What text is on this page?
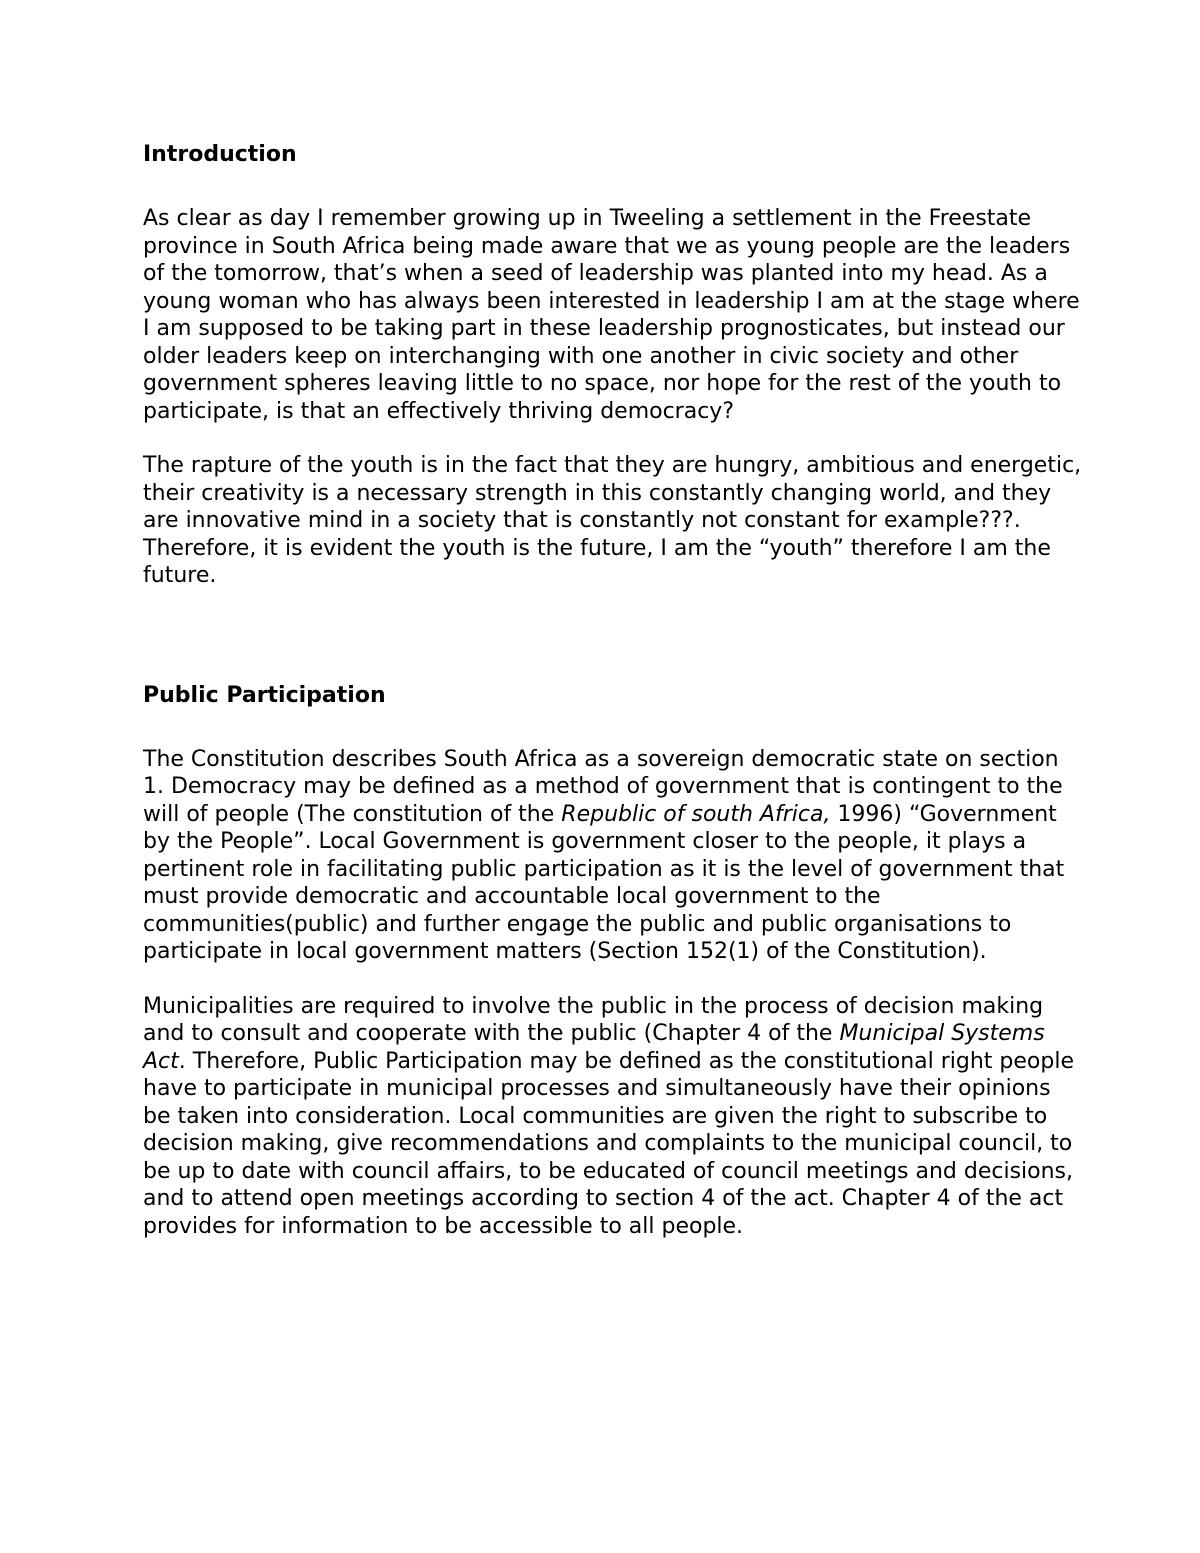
Introduction

As clear as day I remember growing up in Tweeling a settlement in the Freestate province in South Africa being made aware that we as young people are the leaders of the tomorrow, that’s when a seed of leadership was planted into my head. As a young woman who has always been interested in leadership I am at the stage where I am supposed to be taking part in these leadership prognosticates, but instead our older leaders keep on interchanging with one another in civic society and other government spheres leaving little to no space, nor hope for the rest of the youth to participate, is that an effectively thriving democracy?

The rapture of the youth is in the fact that they are hungry, ambitious and energetic, their creativity is a necessary strength in this constantly changing world, and they are innovative mind in a society that is constantly not constant for example???. Therefore, it is evident the youth is the future, I am the “youth” therefore I am the future.

Public Participation

The Constitution describes South Africa as a sovereign democratic state on section 1. Democracy may be defined as a method of government that is contingent to the will of people (The constitution of the Republic of south Africa, 1996) “Government by the People”. Local Government is government closer to the people, it plays a pertinent role in facilitating public participation as it is the level of government that must provide democratic and accountable local government to the communities(public) and further engage the public and public organisations to participate in local government matters (Section 152(1) of the Constitution).

Municipalities are required to involve the public in the process of decision making and to consult and cooperate with the public (Chapter 4 of the Municipal Systems Act. Therefore, Public Participation may be defined as the constitutional right people have to participate in municipal processes and simultaneously have their opinions be taken into consideration. Local communities are given the right to subscribe to decision making, give recommendations and complaints to the municipal council, to be up to date with council affairs, to be educated of council meetings and decisions, and to attend open meetings according to section 4 of the act. Chapter 4 of the act provides for information to be accessible to all people.
